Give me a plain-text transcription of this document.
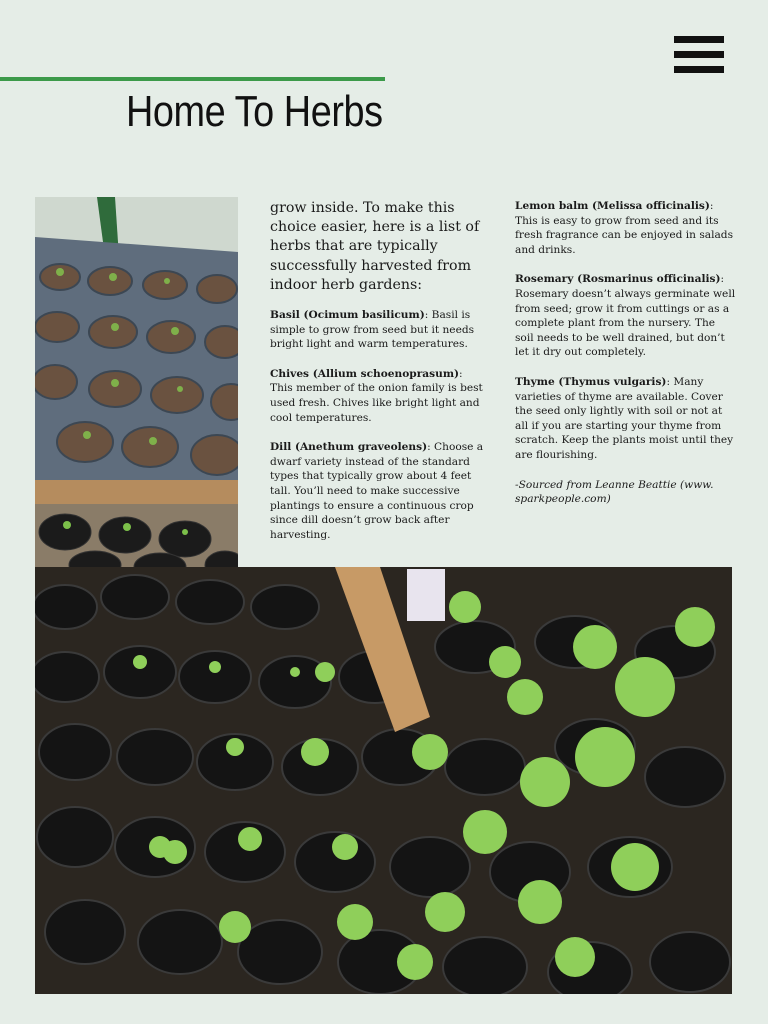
Home To Herbs

grow inside. To make this choice easier, here is a list of herbs that are typically successfully harvested from indoor herb gardens:

Basil (Ocimum basilicum): Basil is simple to grow from seed but it needs bright light and warm temperatures.

Chives (Allium schoenoprasum): This member of the onion family is best used fresh. Chives like bright light and cool temperatures.

Dill (Anethum graveolens): Choose a dwarf variety instead of the standard types that typically grow about 4 feet tall. You’ll need to make successive plantings to ensure a continuous crop since dill doesn’t grow back after harvesting.

Lemon balm (Melissa officinalis): This is easy to grow from seed and its fresh fragrance can be enjoyed in salads and drinks.

Rosemary (Rosmarinus officinalis): Rosemary doesn’t always germinate well from seed; grow it from cuttings or as a complete plant from the nursery. The soil needs to be well drained, but don’t let it dry out completely.

Thyme (Thymus vulgaris): Many varieties of thyme are available. Cover the seed only lightly with soil or not at all if you are starting your thyme from scratch. Keep the plants moist until they are flourishing.

-Sourced from Leanne Beattie (www. sparkpeople.com)
